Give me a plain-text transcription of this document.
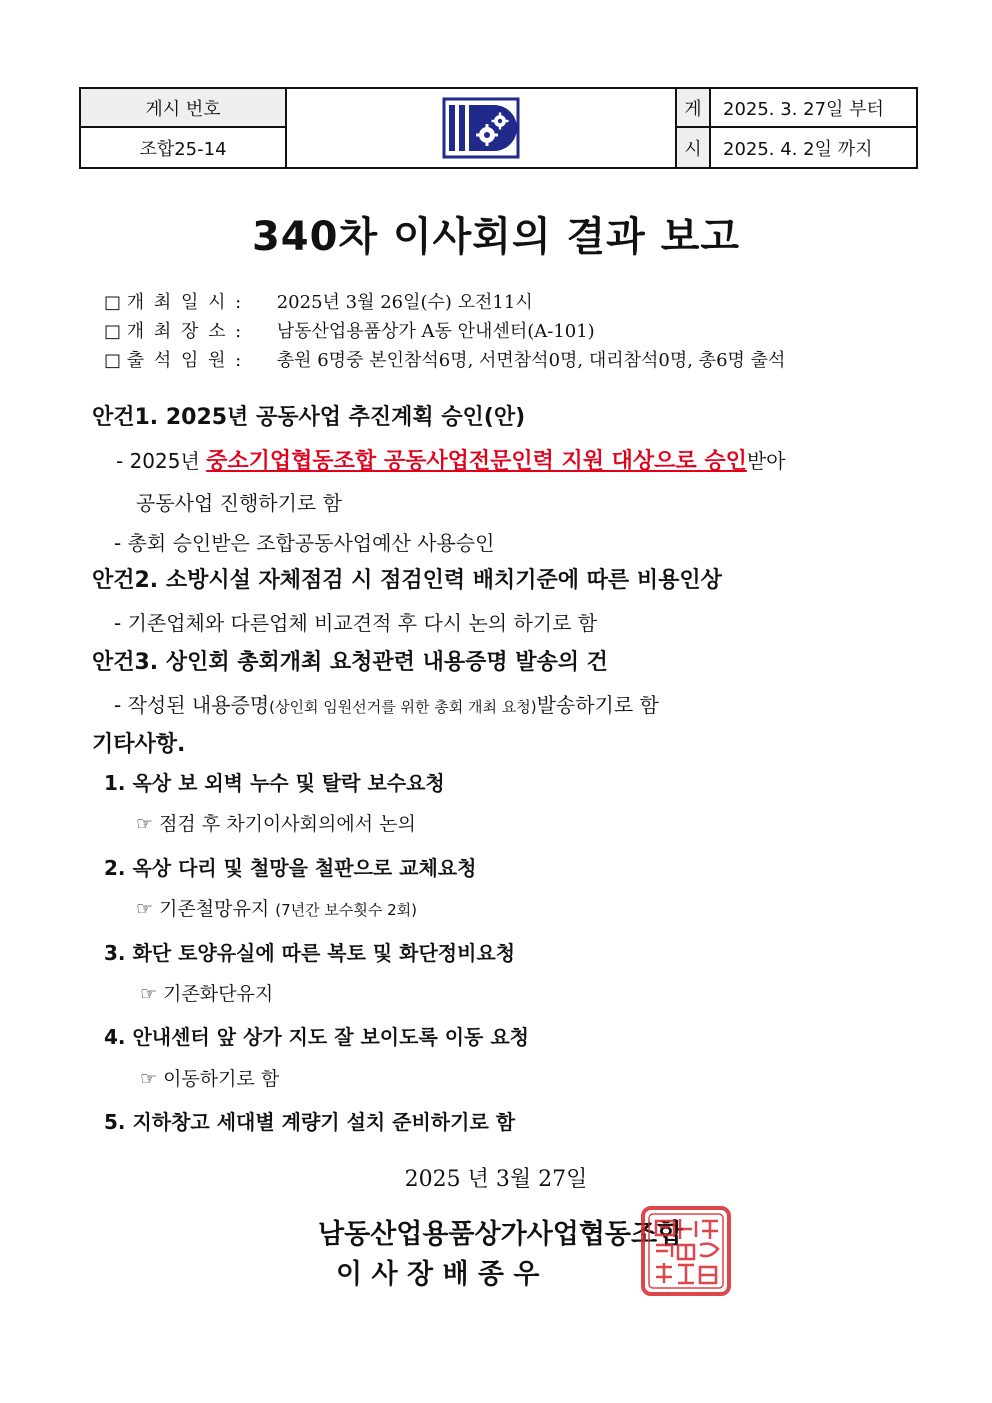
게시 번호
조합25-14
게
시
2025. 3. 27일 부터
2025. 4. 2일 까지
340차 이사회의 결과 보고
□ 개 최 일 시 : 2025년 3월 26일(수) 오전11시
□ 개 최 장 소 : 남동산업용품상가 A동 안내센터(A-101)
□ 출 석 임 원 : 총원 6명중 본인참석6명, 서면참석0명, 대리참석0명, 총6명 출석
안건1. 2025년 공동사업 추진계획 승인(안)
- 2025년 중소기업협동조합 공동사업전문인력 지원 대상으로 승인받아
공동사업 진행하기로 함
- 총회 승인받은 조합공동사업예산 사용승인
안건2. 소방시설 자체점검 시 점검인력 배치기준에 따른 비용인상
- 기존업체와 다른업체 비교견적 후 다시 논의 하기로 함
안건3. 상인회 총회개최 요청관련 내용증명 발송의 건
- 작성된 내용증명(상인회 임원선거를 위한 총회 개최 요청)발송하기로 함
기타사항.
1. 옥상 보 외벽 누수 및 탈락 보수요청
☞ 점검 후 차기이사회의에서 논의
2. 옥상 다리 및 철망을 철판으로 교체요청
☞ 기존철망유지 (7년간 보수횟수 2회)
3. 화단 토양유실에 따른 복토 및 화단정비요청
☞ 기존화단유지
4. 안내센터 앞 상가 지도 잘 보이도록 이동 요청
☞ 이동하기로 함
5. 지하창고 세대별 계량기 설치 준비하기로 함
2025 년 3월 27일
남동산업용품상가사업협동조합
이 사 장 배 종 우
